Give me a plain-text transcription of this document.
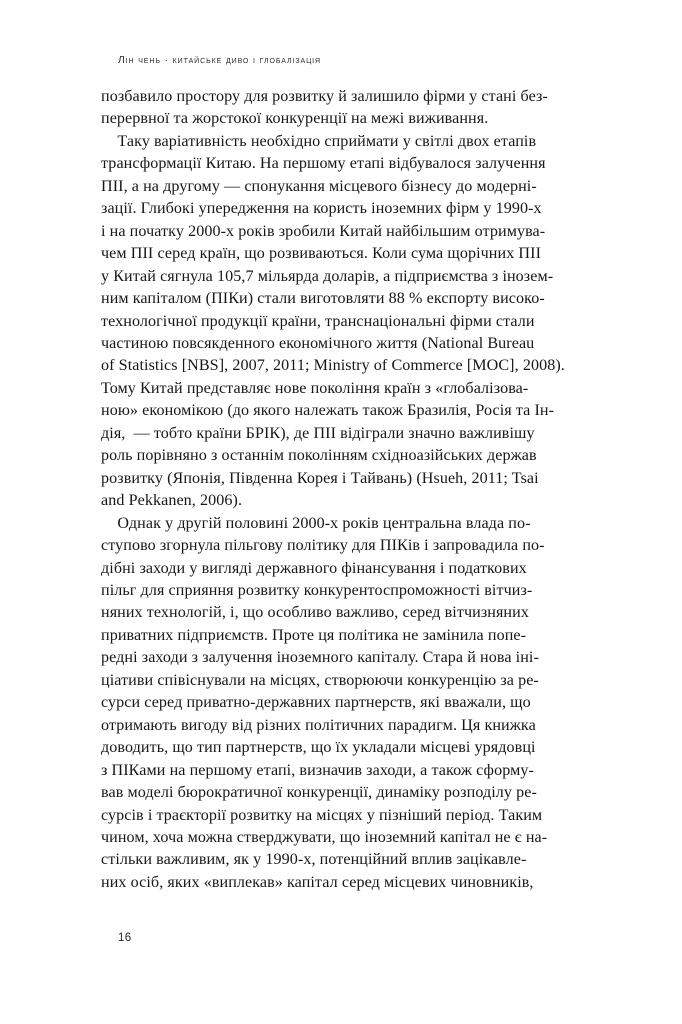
Лін чень · китайське диво і глобалізація
позбавило простору для розвитку й залишило фірми у стані без-
перервної та жорстокої конкуренції на межі виживання.
Таку варіативність необхідно сприймати у світлі двох етапів
трансформації Китаю. На першому етапі відбувалося залучення
ПІІ, а на другому — спонукання місцевого бізнесу до модерні-
зації. Глибокі упередження на користь іноземних фірм у 1990-х
і на початку 2000-х років зробили Китай найбільшим отримува-
чем ПІІ серед країн, що розвиваються. Коли сума щорічних ПІІ
у Китай сягнула 105,7 мільярда доларів, а підприємства з інозем-
ним капіталом (ПІКи) стали виготовляти 88 % експорту високо-
технологічної продукції країни, транснаціональні фірми стали
частиною повсякденного економічного життя (National Bureau
of Statistics [NBS], 2007, 2011; Ministry of Commerce [MOC], 2008).
Тому Китай представляє нове покоління країн з «глобалізова-
ною» економікою (до якого належать також Бразилія, Росія та Ін-
дія,  — тобто країни БРІК), де ПІІ відіграли значно важливішу
роль порівняно з останнім поколінням східноазійських держав
розвитку (Японія, Південна Корея і Тайвань) (Hsueh, 2011; Tsai
and Pekkanen, 2006).
Однак у другій половині 2000-х років центральна влада по-
ступово згорнула пільгову політику для ПІКів і запровадила по-
дібні заходи у вигляді державного фінансування і податкових
пільг для сприяння розвитку конкурентоспроможності вітчиз-
няних технологій, і, що особливо важливо, серед вітчизняних
приватних підприємств. Проте ця політика не замінила попе-
редні заходи з залучення іноземного капіталу. Стара й нова іні-
ціативи співіснували на місцях, створюючи конкуренцію за ре-
сурси серед приватно-державних партнерств, які вважали, що
отримають вигоду від різних політичних парадигм. Ця книжка
доводить, що тип партнерств, що їх укладали місцеві урядовці
з ПІКами на першому етапі, визначив заходи, а також сформу-
вав моделі бюрократичної конкуренції, динаміку розподілу ре-
сурсів і траєкторії розвитку на місцях у пізніший період. Таким
чином, хоча можна стверджувати, що іноземний капітал не є на-
стільки важливим, як у 1990-х, потенційний вплив зацікавле-
них осіб, яких «виплекав» капітал серед місцевих чиновників,
16
